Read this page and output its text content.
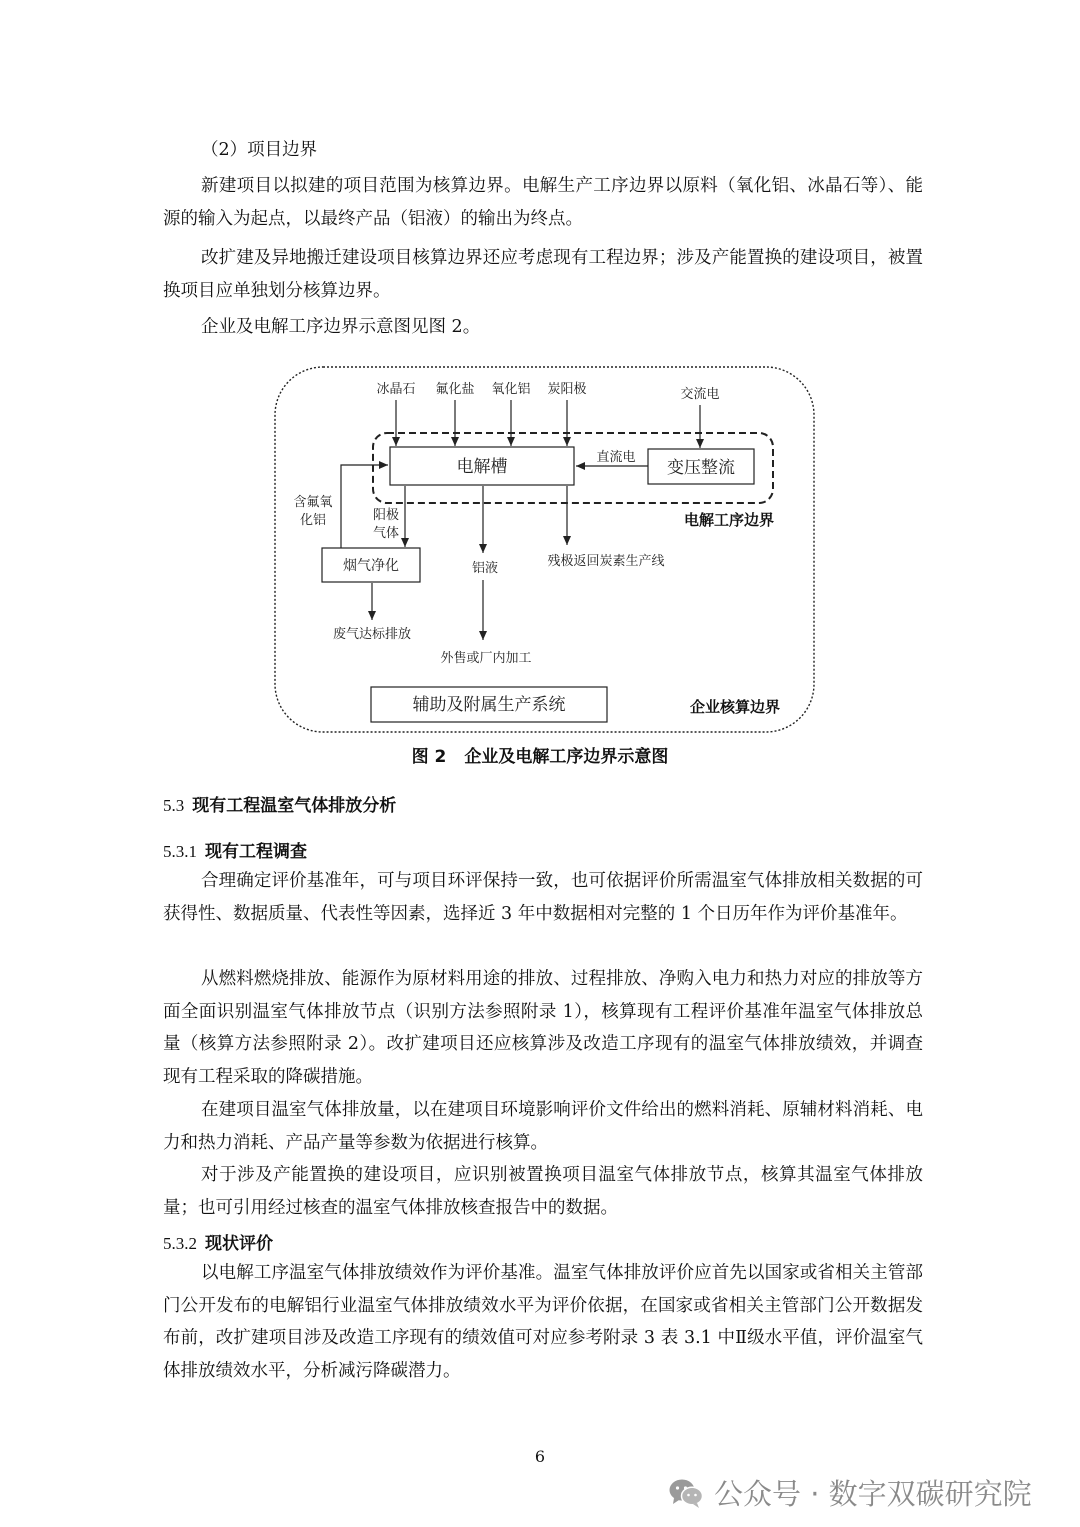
（2）项目边界

新建项目以拟建的项目范围为核算边界。电解生产工序边界以原料（氧化铝、冰晶石等）、能源的输入为起点，以最终产品（铝液）的输出为终点。

改扩建及异地搬迁建设项目核算边界还应考虑现有工程边界；涉及产能置换的建设项目，被置换项目应单独划分核算边界。

企业及电解工序边界示意图见图 2。

冰晶石 氟化盐 氧化铝 炭阳极	交流电
电解槽	变压整流
直流电
电解工序边界
含氟氧
化铝	阳极
气体
烟气净化
废气达标排放
铝液
外售或厂内加工
残极返回炭素生产线
辅助及附属生产系统	企业核算边界
图 2 企业及电解工序边界示意图
5.3 现有工程温室气体排放分析
5.3.1 现有工程调查

合理确定评价基准年，可与项目环评保持一致，也可依据评价所需温室气体排放相关数据的可获得性、数据质量、代表性等因素，选择近 3 年中数据相对完整的 1 个日历年作为评价基准年。

从燃料燃烧排放、能源作为原材料用途的排放、过程排放、净购入电力和热力对应的排放等方面全面识别温室气体排放节点（识别方法参照附录 1），核算现有工程评价基准年温室气体排放总量（核算方法参照附录 2）。改扩建项目还应核算涉及改造工序现有的温室气体排放绩效，并调查现有工程采取的降碳措施。

在建项目温室气体排放量，以在建项目环境影响评价文件给出的燃料消耗、原辅材料消耗、电力和热力消耗、产品产量等参数为依据进行核算。

对于涉及产能置换的建设项目，应识别被置换项目温室气体排放节点，核算其温室气体排放量；也可引用经过核查的温室气体排放核查报告中的数据。

5.3.2 现状评价

以电解工序温室气体排放绩效作为评价基准。温室气体排放评价应首先以国家或省相关主管部门公开发布的电解铝行业温室气体排放绩效水平为评价依据，在国家或省相关主管部门公开数据发布前，改扩建项目涉及改造工序现有的绩效值可对应参考附录 3 表 3.1 中Ⅱ级水平值，评价温室气体排放绩效水平，分析减污降碳潜力。

6
公众号 · 数字双碳研究院
